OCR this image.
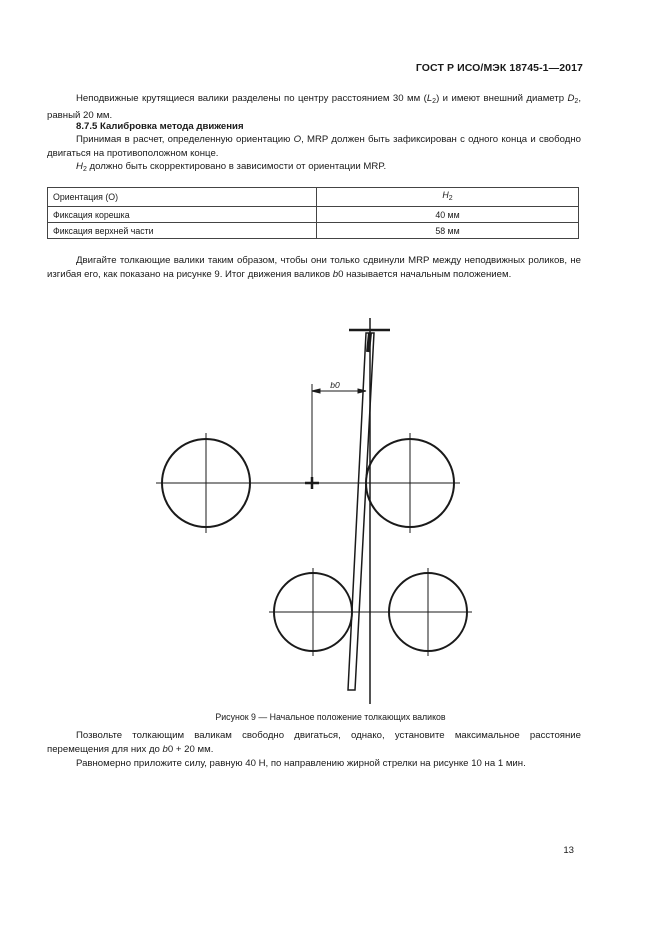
ГОСТ Р ИСО/МЭК 18745-1—2017
Неподвижные крутящиеся валики разделены по центру расстоянием 30 мм $(L_2)$ и имеют внешний диаметр $D_2$, равный 20 мм.
8.7.5 Калибровка метода движения
Принимая в расчет, определенную ориентацию O, MRP должен быть зафиксирован с одного конца и свободно двигаться на противоположном конце.
$H_2$ должно быть скорректировано в зависимости от ориентации MRP.
Ориентация (О)	$H_2$
Фиксация корешка	40 мм
Фиксация верхней части	58 мм
Двигайте толкающие валики таким образом, чтобы они только сдвинули MRP между неподвижных роликов, не изгибая его, как показано на рисунке 9. Итог движения валиков b0 называется начальным положением.
b0
Рисунок 9 — Начальное положение толкающих валиков
Позвольте толкающим валикам свободно двигаться, однако, установите максимальное расстояние перемещения для них до b0 + 20 мм.
Равномерно приложите силу, равную 40 Н, по направлению жирной стрелки на рисунке 10 на 1 мин.
13
